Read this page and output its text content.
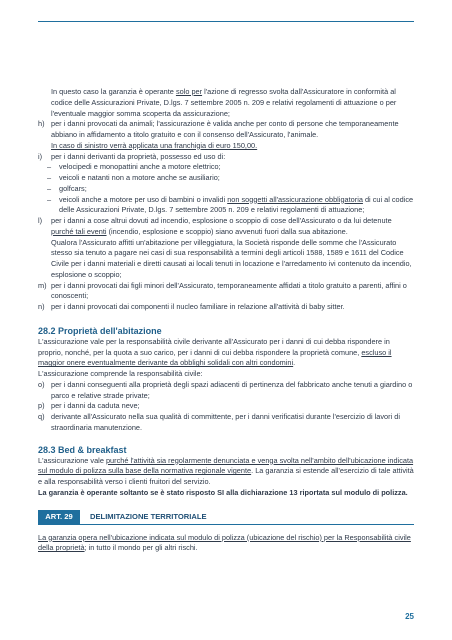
In questo caso la garanzia è operante solo per l'azione di regresso svolta dall'Assicuratore in conformità al codice delle Assicurazioni Private, D.lgs. 7 settembre 2005 n. 209 e relativi regolamenti di attuazione o per l'eventuale maggior somma scoperta da assicurazione;

h) per i danni provocati da animali; l'assicurazione è valida anche per conto di persone che temporaneamente abbiano in affidamento a titolo gratuito e con il consenso dell'Assicurato, l'animale.
In caso di sinistro verrà applicata una franchigia di euro 150,00.
i) per i danni derivanti da proprietà, possesso ed uso di:
– velocipedi e monopattini anche a motore elettrico;
– veicoli e natanti non a motore anche se ausiliario;
– golfcars;
– veicoli anche a motore per uso di bambini o invalidi non soggetti all'assicurazione obbligatoria di cui al codice delle Assicurazioni Private, D.lgs. 7 settembre 2005 n. 209 e relativi regolamenti di attuazione;
l) per i danni a cose altrui dovuti ad incendio, esplosione o scoppio di cose dell'Assicurato o da lui detenute purché tali eventi (incendio, esplosione e scoppio) siano avvenuti fuori dalla sua abitazione.
Qualora l'Assicurato affitti un'abitazione per villeggiatura, la Società risponde delle somme che l'Assicurato stesso sia tenuto a pagare nei casi di sua responsabilità a termini degli articoli 1588, 1589 e 1611 del Codice Civile per i danni materiali e diretti causati ai locali tenuti in locazione e l'arredamento ivi contenuto da incendio, esplosione o scoppio;
m) per i danni provocati dai figli minori dell'Assicurato, temporaneamente affidati a titolo gratuito a parenti, affini o conoscenti;
n) per i danni provocati dai componenti il nucleo familiare in relazione all'attività di baby sitter.
28.2 Proprietà dell'abitazione

L'assicurazione vale per la responsabilità civile derivante all'Assicurato per i danni di cui debba rispondere in proprio, nonché, per la quota a suo carico, per i danni di cui debba rispondere la proprietà comune, escluso il maggior onere eventualmente derivante da obblighi solidali con altri condomini.

L'assicurazione comprende la responsabilità civile:

o) per i danni conseguenti alla proprietà degli spazi adiacenti di pertinenza del fabbricato anche tenuti a giardino o parco e relative strade private;
p) per i danni da caduta neve;
q) derivante all'Assicurato nella sua qualità di committente, per i danni verificatisi durante l'esercizio di lavori di straordinaria manutenzione.
28.3 Bed & breakfast

L'assicurazione vale purché l'attività sia regolarmente denunciata e venga svolta nell'ambito dell'ubicazione indicata sul modulo di polizza sulla base della normativa regionale vigente. La garanzia si estende all'esercizio di tale attività e alla responsabilità verso i clienti fruitori del servizio.

La garanzia è operante soltanto se è stato risposto SI alla dichiarazione 13 riportata sul modulo di polizza.

ART. 29	DELIMITAZIONE TERRITORIALE

La garanzia opera nell'ubicazione indicata sul modulo di polizza (ubicazione del rischio) per la Responsabilità civile della proprietà; in tutto il mondo per gli altri rischi.

25
